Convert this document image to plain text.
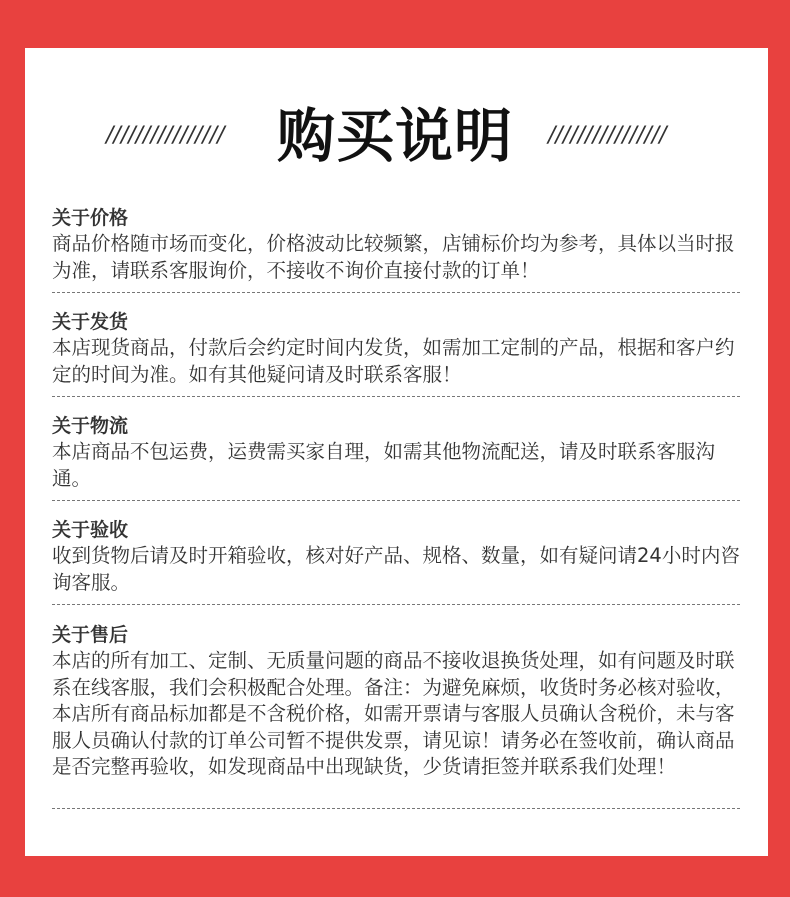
//////////////// 购买说明	////////////////
关于价格
商品价格随市场而变化，价格波动比较频繁，店铺标价均为参考，具体以当时报为准，请联系客服询价，不接收不询价直接付款的订单！
关于发货
本店现货商品，付款后会约定时间内发货，如需加工定制的产品，根据和客户约定的时间为准。如有其他疑问请及时联系客服！
关于物流
本店商品不包运费，运费需买家自理，如需其他物流配送，请及时联系客服沟通。
关于验收
收到货物后请及时开箱验收，核对好产品、规格、数量，如有疑问请24小时内咨询客服。
关于售后
本店的所有加工、定制、无质量问题的商品不接收退换货处理，如有问题及时联系在线客服，我们会积极配合处理。备注：为避免麻烦，收货时务必核对验收，本店所有商品标加都是不含税价格，如需开票请与客服人员确认含税价，未与客服人员确认付款的订单公司暂不提供发票，请见谅！请务必在签收前，确认商品是否完整再验收，如发现商品中出现缺货，少货请拒签并联系我们处理！
